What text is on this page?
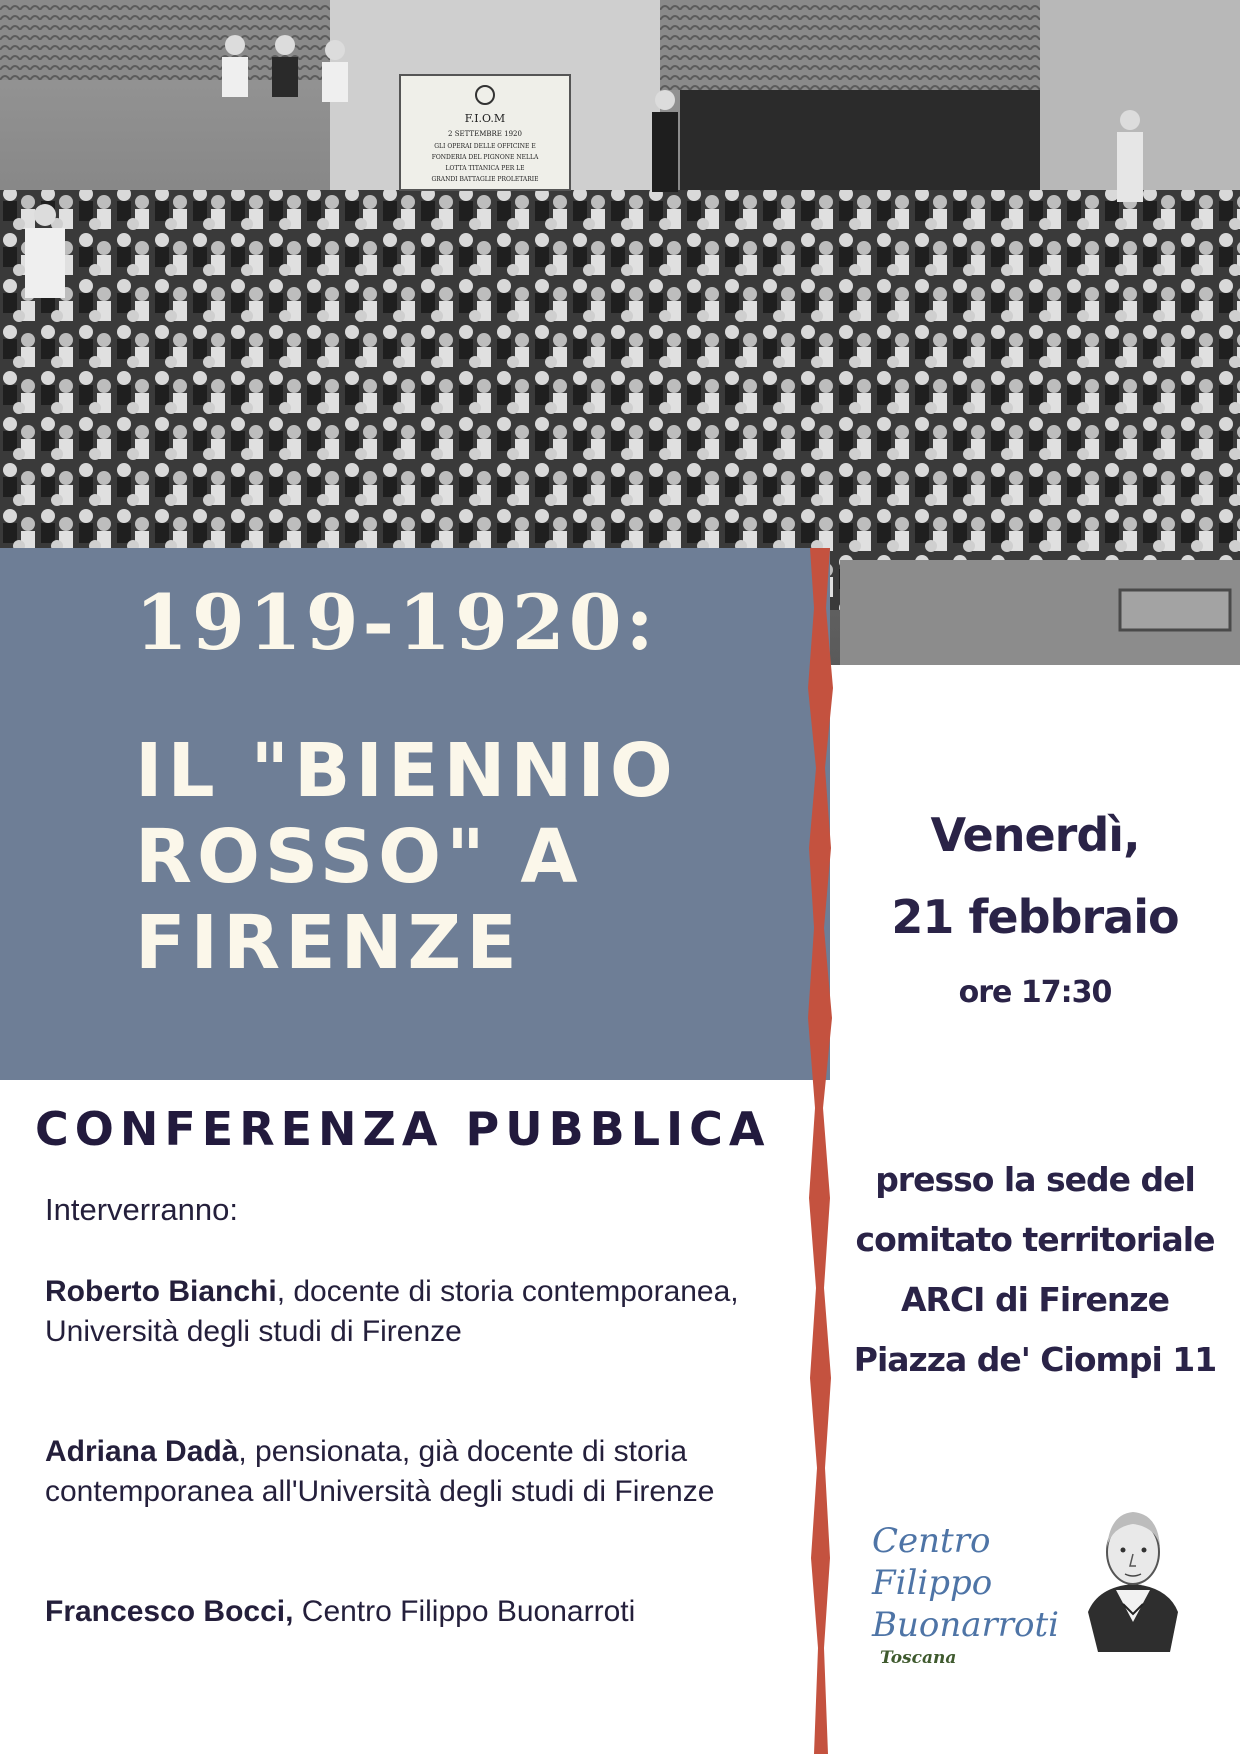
F.I.O.M
2 SETTEMBRE 1920
GLI OPERAI DELLE OFFICINE E
FONDERIA DEL PIGNONE NELLA
LOTTA TITANICA PER LE
GRANDI BATTAGLIE PROLETARIE
1919-1920:
IL "BIENNIO
ROSSO" A
FIRENZE
Venerdì,
21 febbraio
ore 17:30
presso la sede del
comitato territoriale
ARCI di Firenze
Piazza de' Ciompi 11
CONFERENZA PUBBLICA
Interverranno:
Roberto Bianchi, docente di storia contemporanea, Università degli studi di Firenze
Adriana Dadà, pensionata, già docente di storia contemporanea all'Università degli studi di Firenze
Francesco Bocci, Centro Filippo Buonarroti
Centro
Filippo
Buonarroti
Toscana
